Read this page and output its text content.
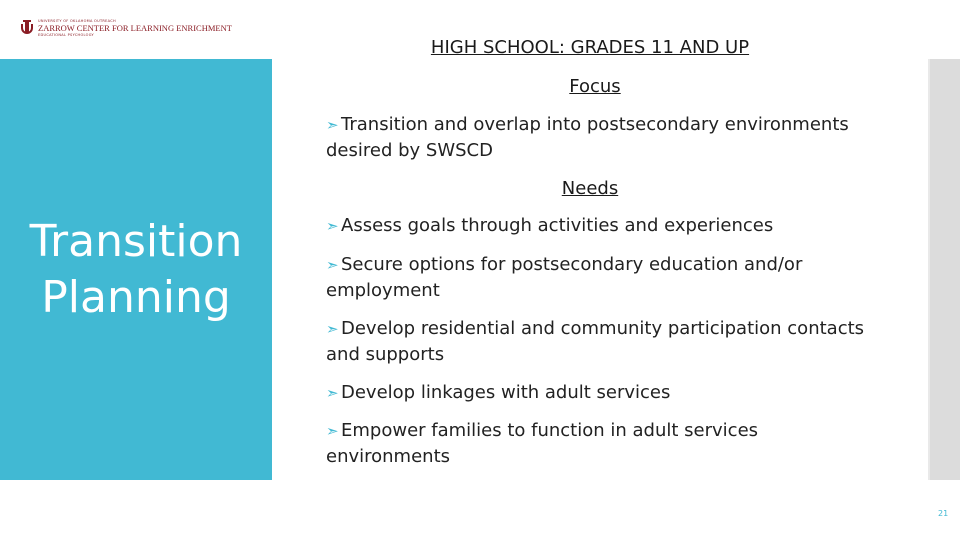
UNIVERSITY OF OKLAHOMA OUTREACH
ZARROW CENTER FOR LEARNING ENRICHMENT
EDUCATIONAL PSYCHOLOGY
Transition
Planning
HIGH SCHOOL: GRADES 11 AND UP
Focus
➣ Transition and overlap into postsecondary environments desired by SWSCD
Needs
➣ Assess goals through activities and experiences
➣ Secure options for postsecondary education and/or employment
➣ Develop residential and community participation contacts and supports
➣ Develop linkages with adult services
➣ Empower families to function in adult services environments
21
